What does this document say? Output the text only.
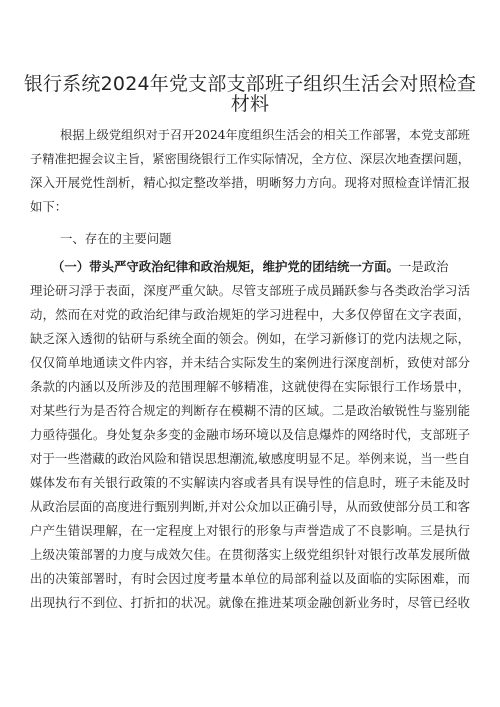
银行系统2024年党支部支部班子组织生活会对照检查
材料
根据上级党组织对于召开2024年度组织生活会的相关工作部署，本党支部班
子精准把握会议主旨，紧密围绕银行工作实际情况，全方位、深层次地查摆问题，
深入开展党性剖析，精心拟定整改举措，明晰努力方向。现将对照检查详情汇报
如下：
一、存在的主要问题
（一）带头严守政治纪律和政治规矩，维护党的团结统一方面。一是政治
理论研习浮于表面，深度严重欠缺。尽管支部班子成员踊跃参与各类政治学习活
动，然而在对党的政治纪律与政治规矩的学习进程中，大多仅停留在文字表面，
缺乏深入透彻的钻研与系统全面的领会。例如，在学习新修订的党内法规之际，
仅仅简单地通读文件内容，并未结合实际发生的案例进行深度剖析，致使对部分
条款的内涵以及所涉及的范围理解不够精准，这就使得在实际银行工作场景中，
对某些行为是否符合规定的判断存在模糊不清的区域。二是政治敏锐性与鉴别能
力亟待强化。身处复杂多变的金融市场环境以及信息爆炸的网络时代，支部班子
对于一些潜藏的政治风险和错误思想潮流,敏感度明显不足。举例来说，当一些自
媒体发布有关银行政策的不实解读内容或者具有误导性的信息时，班子未能及时
从政治层面的高度进行甄别判断,并对公众加以正确引导，从而致使部分员工和客
户产生错误理解，在一定程度上对银行的形象与声誉造成了不良影响。三是执行
上级决策部署的力度与成效欠佳。在贯彻落实上级党组织针对银行改革发展所做
出的决策部署时，有时会因过度考量本单位的局部利益以及面临的实际困难，而
出现执行不到位、打折扣的状况。就像在推进某项金融创新业务时，尽管已经收
